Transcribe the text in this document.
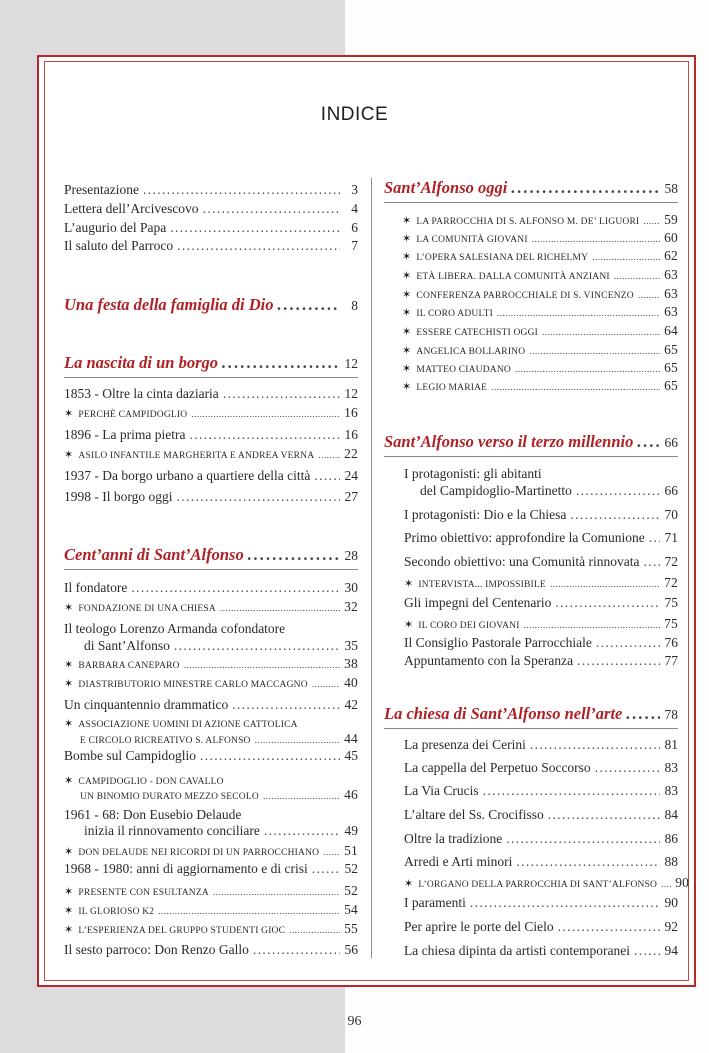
INDICE
Presentazione . . .	3
Lettera dell’Arcivescovo . . .	4
L’augurio del Papa . . .	6
Il saluto del Parroco . . .	7
Una festa della famiglia di Dio . . .	8
La nascita di un borgo . . .	12
1853 - Oltre la cinta daziaria . . .	12
✶ PERCHÈ CAMPIDOGLIO . . .	16
1896 - La prima pietra . . .	16
✶ ASILO INFANTILE MARGHERITA E ANDREA VERNA . . . 22
1937 - Da borgo urbano a quartiere della città . . .	24
1998 - Il borgo oggi . . .	27
Cent’anni di Sant’Alfonso . . .	28
Il fondatore . . .	30
✶ FONDAZIONE DI UNA CHIESA . . .	32
Il teologo Lorenzo Armanda cofondatore
di Sant’Alfonso . . .	35
✶ BARBARA CANEPARO . . .	38
✶ DIASTRIBUTORIO MINESTRE CARLO MACCAGNO . . .	40
Un cinquantennio drammatico . . .	42
✶ ASSOCIAZIONE UOMINI DI AZIONE CATTOLICA
E CIRCOLO RICREATIVO S. ALFONSO . . .	44
Bombe sul Campidoglio . . .	45
✶ CAMPIDOGLIO - DON CAVALLO
UN BINOMIO DURATO MEZZO SECOLO . . .	46
1961 - 68: Don Eusebio Delaude
inizia il rinnovamento conciliare . . .	49
✶ DON DELAUDE NEI RICORDI DI UN PARROCCHIANO . . . 51
1968 - 1980: anni di aggiornamento e di crisi . . .	52
✶ PRESENTE CON ESULTANZA . . .	52
✶ IL GLORIOSO K2 . . .	54
✶ L’ESPERIENZA DEL GRUPPO STUDENTI GIOC . . .	55
Il sesto parroco: Don Renzo Gallo . . .	56
Sant’Alfonso oggi . . .	58
✶ LA PARROCCHIA DI S. ALFONSO M. DE’ LIGUORI . . . 59
✶ LA COMUNITÀ GIOVANI . . .	60
✶ L’OPERA SALESIANA DEL RICHELMY . . .	62
✶ ETÀ LIBERA. DALLA COMUNITÀ ANZIANI . . .	63
✶ CONFERENZA PARROCCHIALE DI S. VINCENZO . . . 63
✶ IL CORO ADULTI . . .	63
✶ ESSERE CATECHISTI OGGI . . .	64
✶ ANGELICA BOLLARINO . . .	65
✶ MATTEO CIAUDANO . . .	65
✶ LEGIO MARIAE . . .	65
Sant’Alfonso verso il terzo millennio . . . 66
I protagonisti: gli abitanti
del Campidoglio-Martinetto . . .	66
I protagonisti: Dio e la Chiesa . . .	70
Primo obiettivo: approfondire la Comunione . . . 71
Secondo obiettivo: una Comunità rinnovata . . . 72
✶ INTERVISTA... IMPOSSIBILE . . .	72
Gli impegni del Centenario . . .	75
✶ IL CORO DEI GIOVANI . . .	75
Il Consiglio Pastorale Parrocchiale . . .	76
Appuntamento con la Speranza . . .	77
La chiesa di Sant’Alfonso nell’arte . . .	78
La presenza dei Cerini . . .	81
La cappella del Perpetuo Soccorso . . .	83
La Via Crucis . . .	83
L’altare del Ss. Crocifisso . . .	84
Oltre la tradizione . . .	86
Arredi e Arti minori . . .	88
✶ L’ORGANO DELLA PARROCCHIA DI SANT’ALFONSO . . . 90
I paramenti . . .	90
Per aprire le porte del Cielo . . .	92
La chiesa dipinta da artisti contemporanei . . .	94
96
